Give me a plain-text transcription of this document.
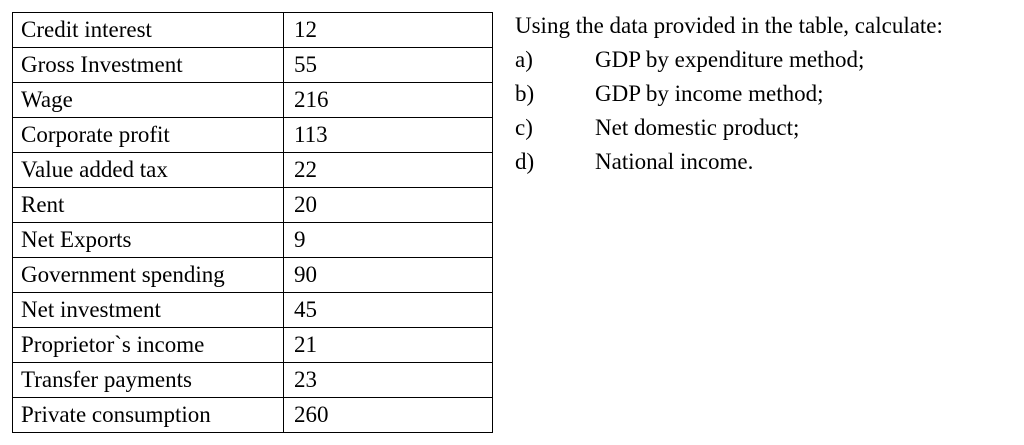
Credit interest	12
Gross Investment	55
Wage	216
Corporate profit	113
Value added tax	22
Rent	20
Net Exports	9
Government spending	90
Net investment	45
Proprietor`s income	21
Transfer payments	23
Private consumption	260
Using the data provided in the table, calculate:
a)	GDP by expenditure method;
b)	GDP by income method;
c)	Net domestic product;
d)	National income.
